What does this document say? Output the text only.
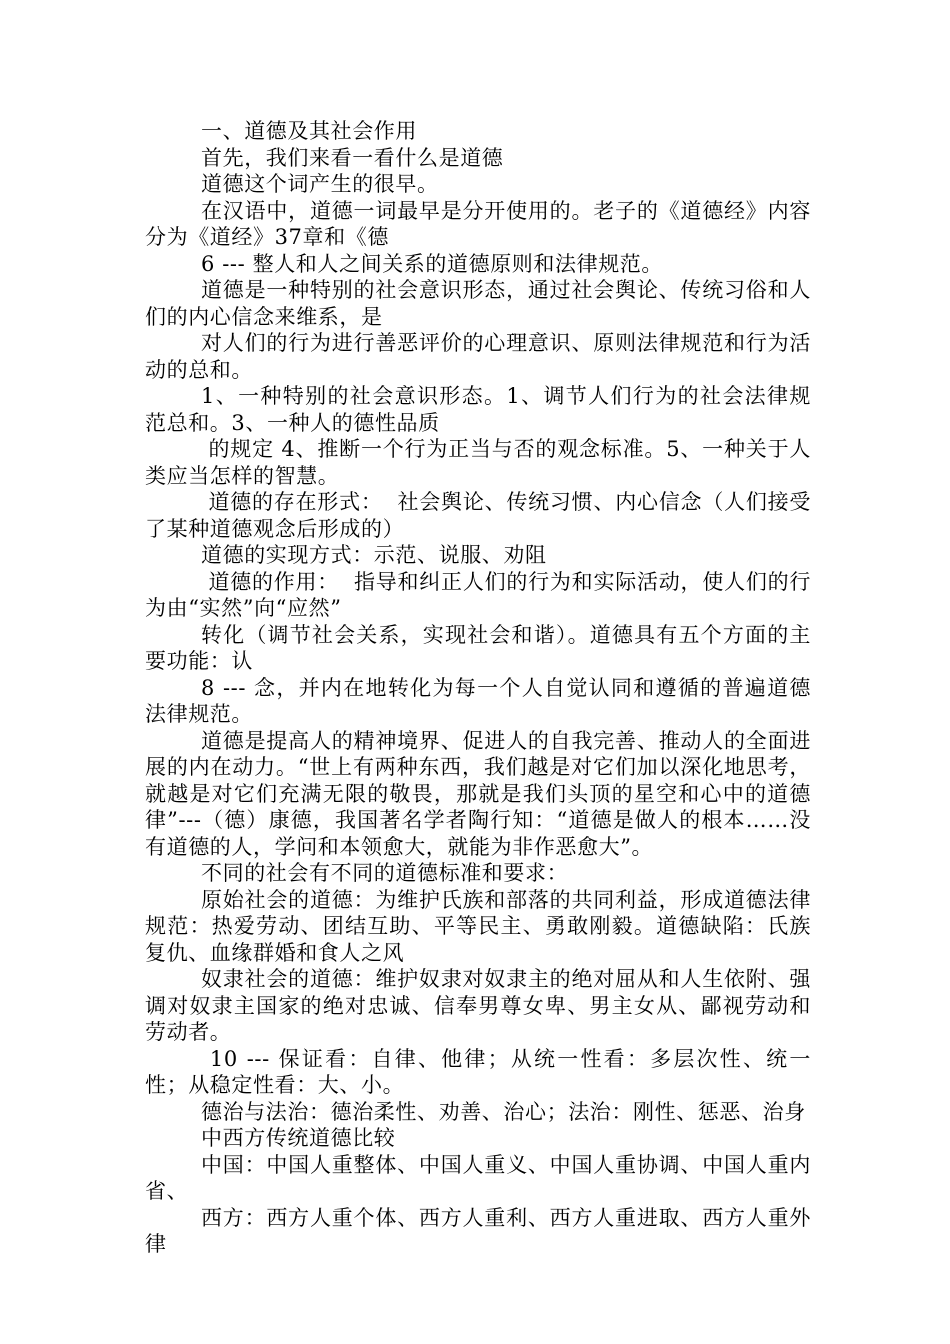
一、道德及其社会作用

首先，我们来看一看什么是道德

道德这个词产生的很早。

在汉语中，道德一词最早是分开使用的。老子的《道德经》内容分为《道经》37章和《德

6 --- 整人和人之间关系的道德原则和法律规范。

道德是一种特别的社会意识形态，通过社会舆论、传统习俗和人们的内心信念来维系，是

对人们的行为进行善恶评价的心理意识、原则法律规范和行为活动的总和。

1、一种特别的社会意识形态。1、调节人们行为的社会法律规范总和。3、一种人的德性品质

的规定 4、推断一个行为正当与否的观念标准。5、一种关于人类应当怎样的智慧。

道德的存在形式：  社会舆论、传统习惯、内心信念（人们接受了某种道德观念后形成的）

道德的实现方式：示范、说服、劝阻

道德的作用：  指导和纠正人们的行为和实际活动，使人们的行为由“实然”向“应然”

转化（调节社会关系，实现社会和谐）。道德具有五个方面的主要功能：认

8 --- 念，并内在地转化为每一个人自觉认同和遵循的普遍道德法律规范。

道德是提高人的精神境界、促进人的自我完善、推动人的全面进展的内在动力。“世上有两种东西，我们越是对它们加以深化地思考，就越是对它们充满无限的敬畏，那就是我们头顶的星空和心中的道德律”---（德）康德，我国著名学者陶行知：“道德是做人的根本……没有道德的人，学问和本领愈大，就能为非作恶愈大”。

不同的社会有不同的道德标准和要求：

原始社会的道德：为维护氏族和部落的共同利益，形成道德法律规范：热爱劳动、团结互助、平等民主、勇敢刚毅。道德缺陷：氏族复仇、血缘群婚和食人之风

奴隶社会的道德：维护奴隶对奴隶主的绝对屈从和人生依附、强调对奴隶主国家的绝对忠诚、信奉男尊女卑、男主女从、鄙视劳动和劳动者。

10 --- 保证看：自律、他律；从统一性看：多层次性、统一性；从稳定性看：大、小。

德治与法治：德治柔性、劝善、治心；法治：刚性、惩恶、治身

中西方传统道德比较

中国：中国人重整体、中国人重义、中国人重协调、中国人重内省、

西方：西方人重个体、西方人重利、西方人重进取、西方人重外律
